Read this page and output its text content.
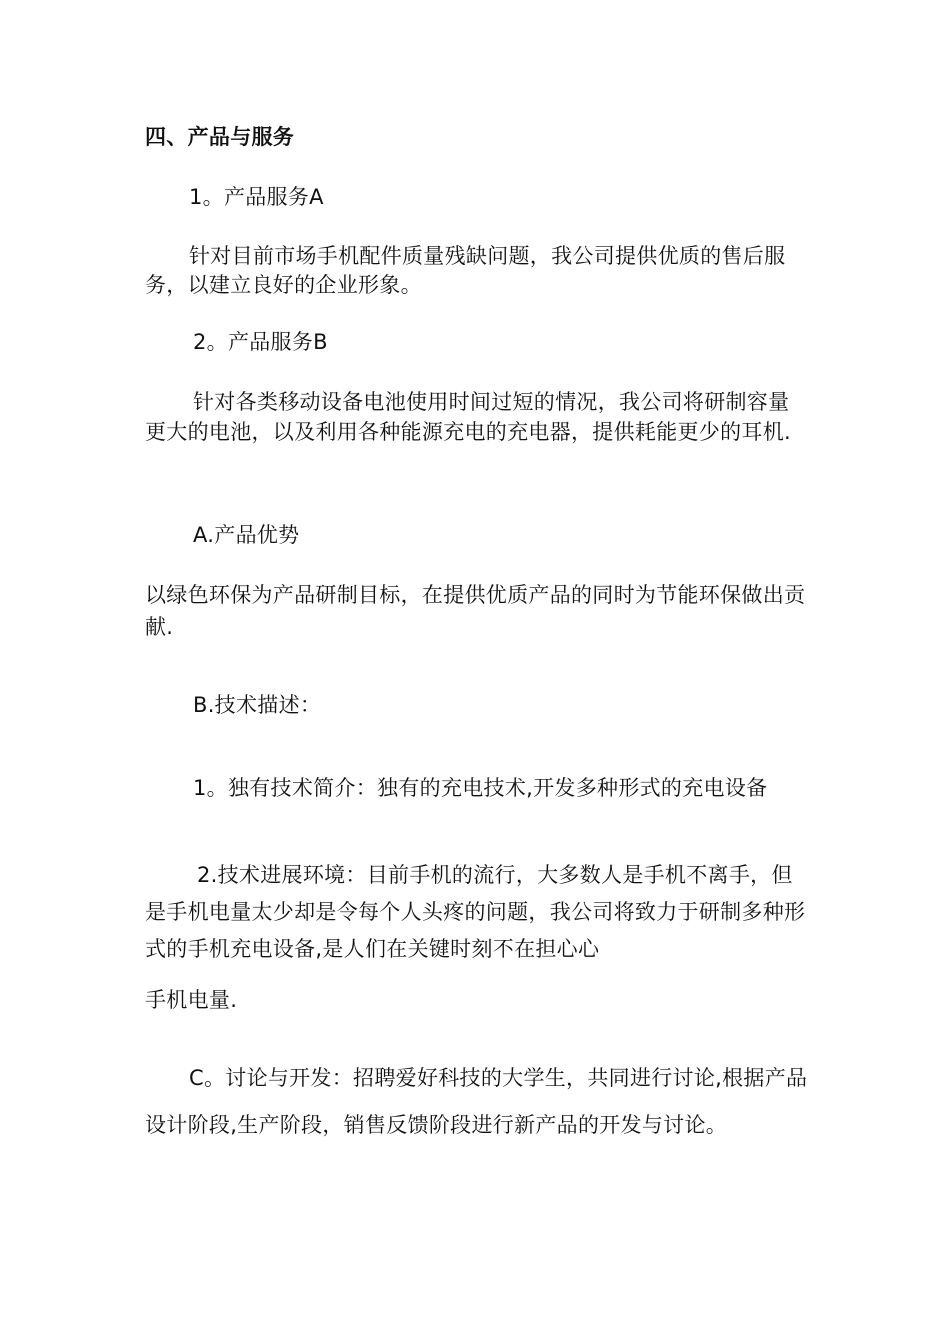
四、产品与服务

1。产品服务A

针对目前市场手机配件质量残缺问题，我公司提供优质的售后服务，以建立良好的企业形象。

2。产品服务B

针对各类移动设备电池使用时间过短的情况，我公司将研制容量更大的电池，以及利用各种能源充电的充电器，提供耗能更少的耳机.

A.产品优势

以绿色环保为产品研制目标，在提供优质产品的同时为节能环保做出贡献.

B.技术描述：

1。独有技术简介：独有的充电技术,开发多种形式的充电设备

2.技术进展环境：目前手机的流行，大多数人是手机不离手，但是手机电量太少却是令每个人头疼的问题，我公司将致力于研制多种形式的手机充电设备,是人们在关键时刻不在担心心

手机电量.

C。讨论与开发：招聘爱好科技的大学生，共同进行讨论,根据产品设计阶段,生产阶段，销售反馈阶段进行新产品的开发与讨论。
